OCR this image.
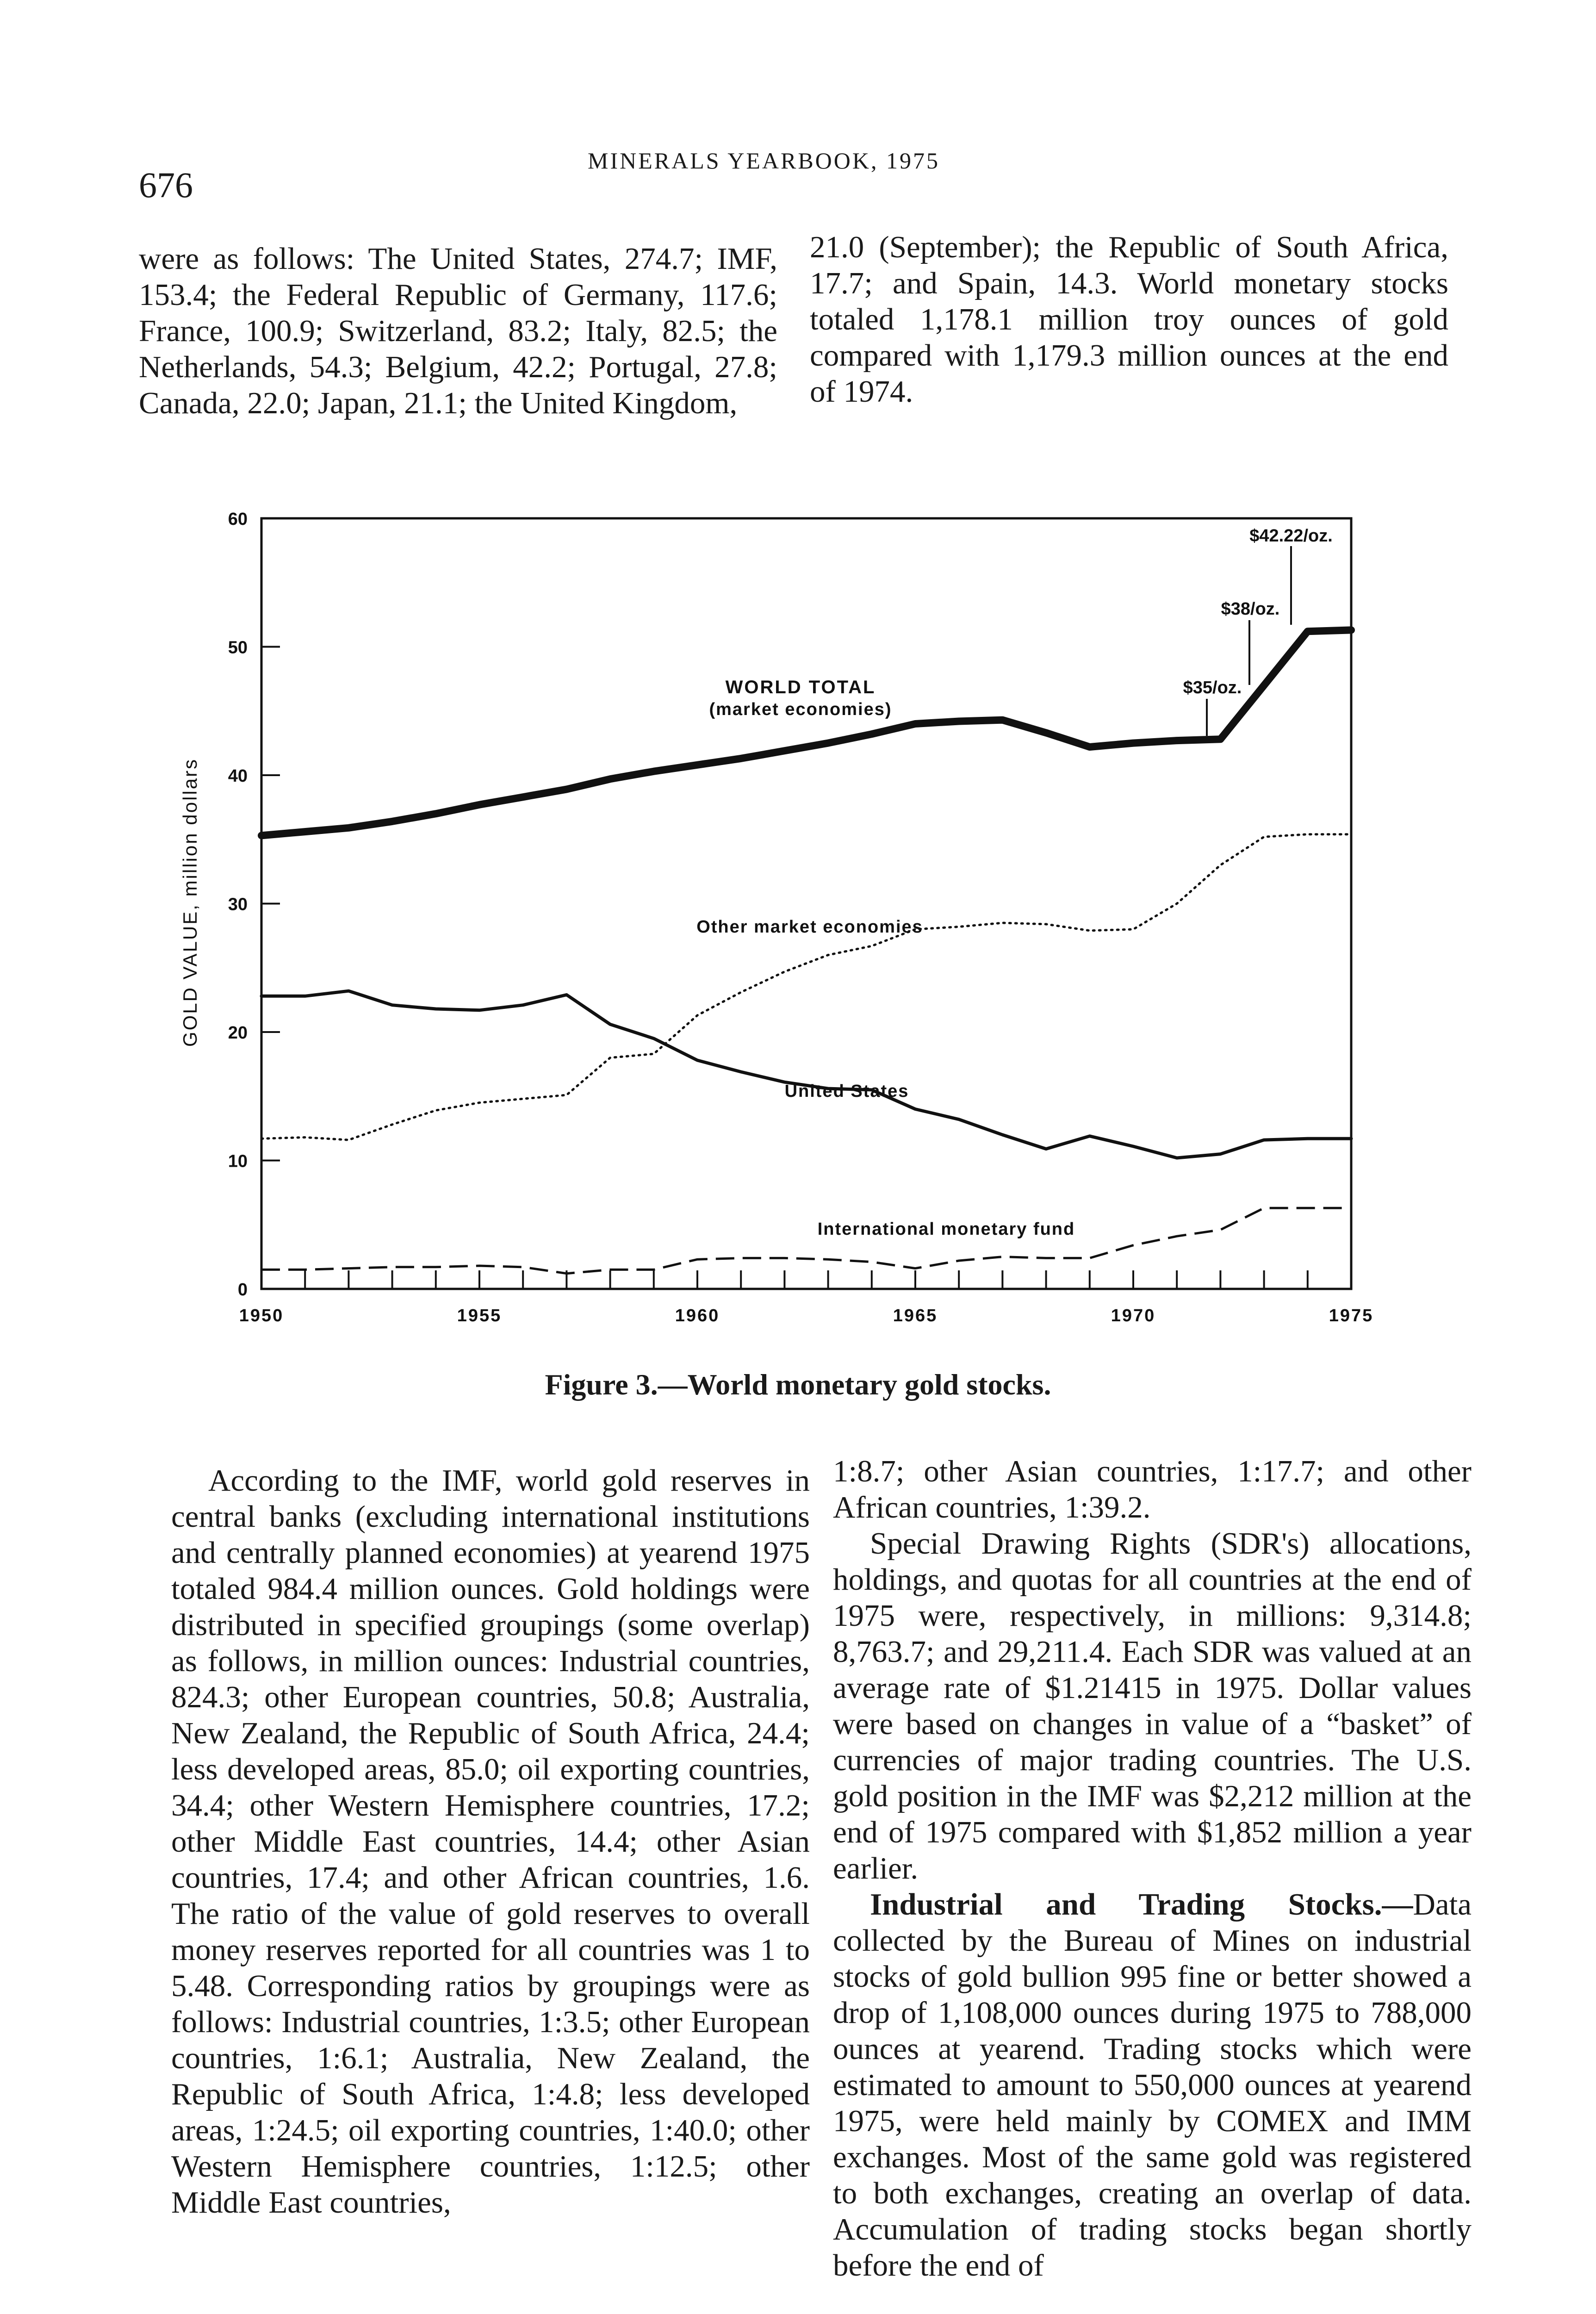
676
MINERALS YEARBOOK, 1975

were as follows: The United States, 274.7; IMF, 153.4; the Federal Republic of Germany, 117.6; France, 100.9; Switzerland, 83.2; Italy, 82.5; the Netherlands, 54.3; Belgium, 42.2; Portugal, 27.8; Canada, 22.0; Japan, 21.1; the United Kingdom,

21.0 (September); the Republic of South Africa, 17.7; and Spain, 14.3. World monetary stocks totaled 1,178.1 million troy ounces of gold compared with 1,179.3 million ounces at the end of 1974.

GOLD VALUE, million dollars
0
10
20
30
40
50
60
1950	1955	1960	1965	1970	1975
WORLD TOTAL
(market economies)
Other market economies
United States
International monetary fund
$35/oz.
$38/oz.
$42.22/oz.
Figure 3.—World monetary gold stocks.

According to the IMF, world gold reserves in central banks (excluding international institutions and centrally planned economies) at yearend 1975 totaled 984.4 million ounces. Gold holdings were distributed in specified groupings (some overlap) as follows, in million ounces: Industrial countries, 824.3; other European countries, 50.8; Australia, New Zealand, the Republic of South Africa, 24.4; less developed areas, 85.0; oil exporting countries, 34.4; other Western Hemisphere countries, 17.2; other Middle East countries, 14.4; other Asian countries, 17.4; and other African countries, 1.6. The ratio of the value of gold reserves to overall money reserves reported for all countries was 1 to 5.48. Corresponding ratios by groupings were as follows: Industrial countries, 1:3.5; other European countries, 1:6.1; Australia, New Zealand, the Republic of South Africa, 1:4.8; less developed areas, 1:24.5; oil exporting countries, 1:40.0; other Western Hemisphere countries, 1:12.5; other Middle East countries,

1:8.7; other Asian countries, 1:17.7; and other African countries, 1:39.2.

Special Drawing Rights (SDR's) allocations, holdings, and quotas for all countries at the end of 1975 were, respectively, in millions: 9,314.8; 8,763.7; and 29,211.4. Each SDR was valued at an average rate of $1.21415 in 1975. Dollar values were based on changes in value of a “basket” of currencies of major trading countries. The U.S. gold position in the IMF was $2,212 million at the end of 1975 compared with $1,852 million a year earlier.

Industrial and Trading Stocks.—Data collected by the Bureau of Mines on industrial stocks of gold bullion 995 fine or better showed a drop of 1,108,000 ounces during 1975 to 788,000 ounces at yearend. Trading stocks which were estimated to amount to 550,000 ounces at yearend 1975, were held mainly by COMEX and IMM exchanges. Most of the same gold was registered to both exchanges, creating an overlap of data. Accumulation of trading stocks began shortly before the end of
